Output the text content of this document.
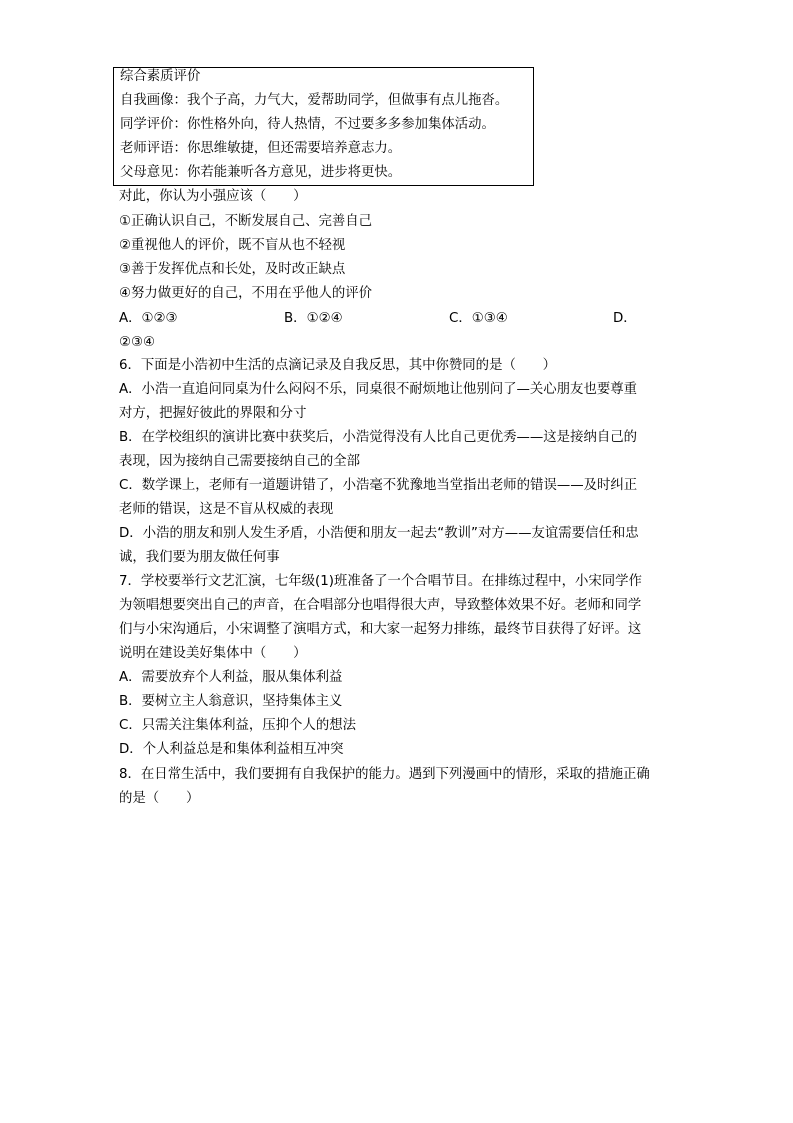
综合素质评价
自我画像：我个子高，力气大，爱帮助同学，但做事有点儿拖沓。
同学评价：你性格外向，待人热情，不过要多多参加集体活动。
老师评语：你思维敏捷，但还需要培养意志力。
父母意见：你若能兼听各方意见，进步将更快。
对此，你认为小强应该（　　）
①正确认识自己，不断发展自己、完善自己
②重视他人的评价，既不盲从也不轻视
③善于发挥优点和长处，及时改正缺点
④努力做更好的自己，不用在乎他人的评价
A．①②③	B．①②④	C．①③④	D．
②③④
6．下面是小浩初中生活的点滴记录及自我反思，其中你赞同的是（　　）
A．小浩一直追问同桌为什么闷闷不乐，同桌很不耐烦地让他别问了—关心朋友也要尊重
对方，把握好彼此的界限和分寸
B．在学校组织的演讲比赛中获奖后，小浩觉得没有人比自己更优秀——这是接纳自己的
表现，因为接纳自己需要接纳自己的全部
C．数学课上，老师有一道题讲错了，小浩毫不犹豫地当堂指出老师的错误——及时纠正
老师的错误，这是不盲从权威的表现
D．小浩的朋友和别人发生矛盾，小浩便和朋友一起去“教训”对方——友谊需要信任和忠
诚，我们要为朋友做任何事
7．学校要举行文艺汇演，七年级(1)班准备了一个合唱节目。在排练过程中，小宋同学作
为领唱想要突出自己的声音，在合唱部分也唱得很大声，导致整体效果不好。老师和同学
们与小宋沟通后，小宋调整了演唱方式，和大家一起努力排练，最终节目获得了好评。这
说明在建设美好集体中（　　）
A．需要放弃个人利益，服从集体利益
B．要树立主人翁意识，坚持集体主义
C．只需关注集体利益，压抑个人的想法
D．个人利益总是和集体利益相互冲突
8．在日常生活中，我们要拥有自我保护的能力。遇到下列漫画中的情形，采取的措施正确
的是（　　）
